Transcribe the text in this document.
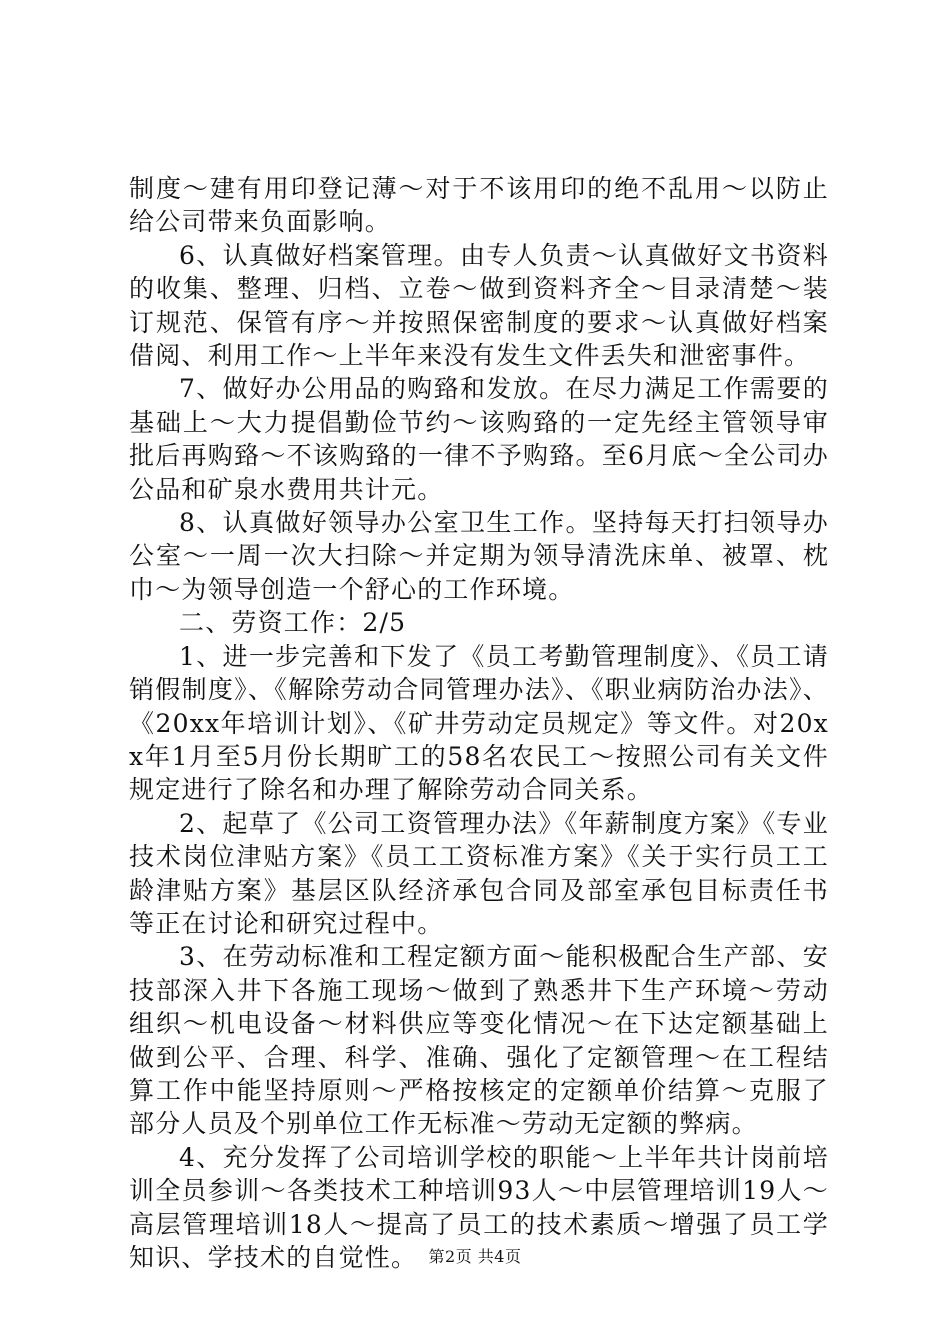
制度～建有用印登记薄～对于不该用印的绝不乱用～以防止给公司带来负面影响。

6、认真做好档案管理。由专人负责～认真做好文书资料的收集、整理、归档、立卷～做到资料齐全～目录清楚～装订规范、保管有序～并按照保密制度的要求～认真做好档案借阅、利用工作～上半年来没有发生文件丢失和泄密事件。

7、做好办公用品的购臵和发放。在尽力满足工作需要的基础上～大力提倡勤俭节约～该购臵的一定先经主管领导审批后再购臵～不该购臵的一律不予购臵。至6月底～全公司办公品和矿泉水费用共计元。

8、认真做好领导办公室卫生工作。坚持每天打扫领导办公室～一周一次大扫除～并定期为领导清洗床单、被罩、枕巾～为领导创造一个舒心的工作环境。

二、劳资工作：2/5

1、进一步完善和下发了《员工考勤管理制度》、《员工请销假制度》、《解除劳动合同管理办法》、《职业病防治办法》、《20xx年培训计划》、《矿井劳动定员规定》等文件。对20xx年1月至5月份长期旷工的58名农民工～按照公司有关文件规定进行了除名和办理了解除劳动合同关系。

2、起草了《公司工资管理办法》《年薪制度方案》《专业技术岗位津贴方案》《员工工资标准方案》《关于实行员工工龄津贴方案》基层区队经济承包合同及部室承包目标责任书等正在讨论和研究过程中。

3、在劳动标准和工程定额方面～能积极配合生产部、安技部深入井下各施工现场～做到了熟悉井下生产环境～劳动组织～机电设备～材料供应等变化情况～在下达定额基础上做到公平、合理、科学、准确、强化了定额管理～在工程结算工作中能坚持原则～严格按核定的定额单价结算～克服了部分人员及个别单位工作无标准～劳动无定额的弊病。

4、充分发挥了公司培训学校的职能～上半年共计岗前培训全员参训～各类技术工种培训93人～中层管理培训19人～高层管理培训18人～提高了员工的技术素质～增强了员工学知识、学技术的自觉性。 第2页 共4页
